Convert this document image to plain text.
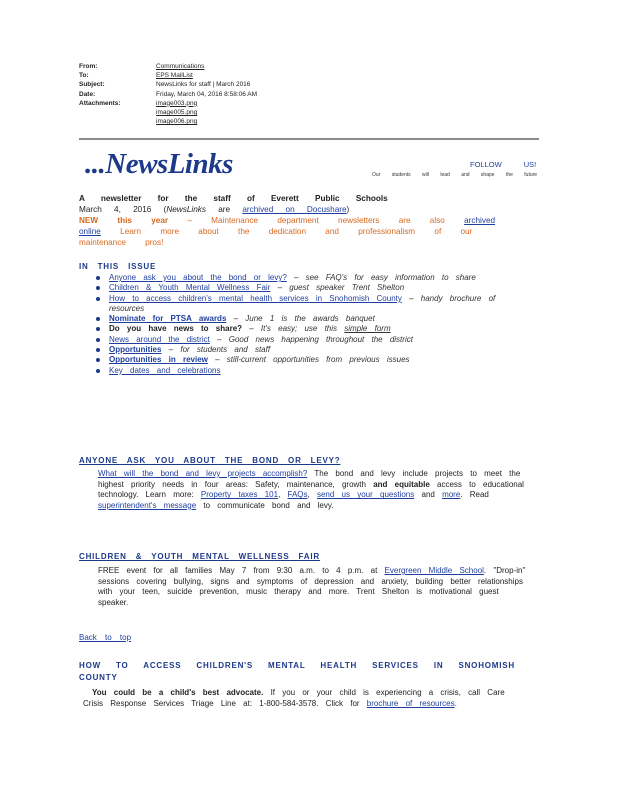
From:	Communications
To:	EPS MailList
Subject:	NewsLinks for staff | March 2016
Date:	Friday, March 04, 2016 8:58:06 AM
Attachments:	image003.png
image005.png
image006.png
...NewsLinks	FOLLOW US!
Our students will lead and shape the future
A newsletter for the staff of Everett Public Schools
March 4, 2016 (NewsLinks are archived on Docushare)
NEW this year – Maintenance department newsletters are also archived online Learn more about the dedication and professionalism of our maintenance pros!
IN THIS ISSUE
Anyone ask you about the bond or levy? – see FAQ's for easy information to share
Children & Youth Mental Wellness Fair – guest speaker Trent Shelton
How to access children's mental health services in Snohomish County – handy brochure of resources
Nominate for PTSA awards – June 1 is the awards banquet
Do you have news to share? – It's easy; use this simple form
News around the district – Good news happening throughout the district
Opportunities – for students and staff
Opportunities in review – still-current opportunities from previous issues
Key dates and celebrations
ANYONE ASK YOU ABOUT THE BOND OR LEVY?
What will the bond and levy projects accomplish? The bond and levy include projects to meet the highest priority needs in four areas: Safety, maintenance, growth and equitable access to educational technology. Learn more: Property taxes 101, FAQs, send us your questions and more. Read superintendent's message to communicate bond and levy.
CHILDREN & YOUTH MENTAL WELLNESS FAIR
FREE event for all families May 7 from 9:30 a.m. to 4 p.m. at Evergreen Middle School. "Drop-in" sessions covering bullying, signs and symptoms of depression and anxiety, building better relationships with your teen, suicide prevention, music therapy and more. Trent Shelton is motivational guest speaker.
Back to top
HOW TO ACCESS CHILDREN'S MENTAL HEALTH SERVICES IN SNOHOMISH COUNTY
You could be a child's best advocate. If you or your child is experiencing a crisis, call Care Crisis Response Services Triage Line at: 1-800-584-3578. Click for brochure of resources.
